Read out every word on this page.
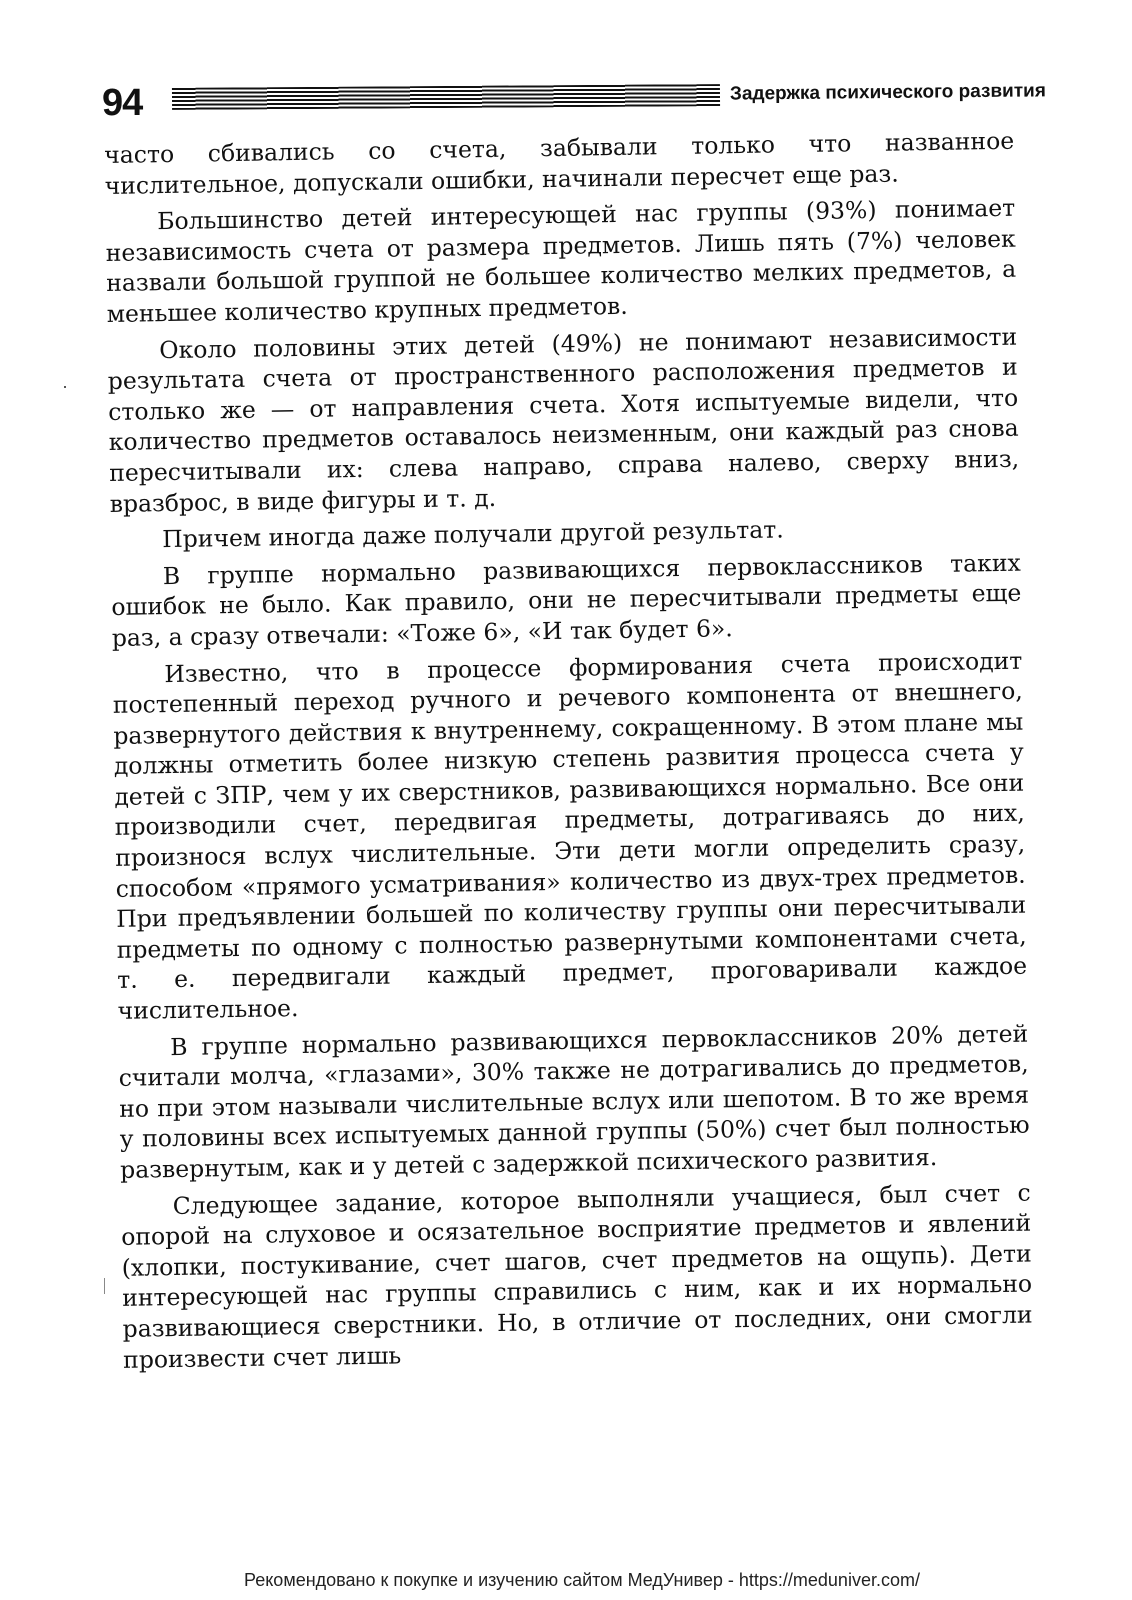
94	Задержка психического развития

часто сбивались со счета, забывали только что названное числительное, допускали ошибки, начинали пересчет еще раз.

Большинство детей интересующей нас группы (93%) понимает независимость счета от размера предметов. Лишь пять (7%) человек назвали большой группой не большее количество мелких предметов, а меньшее количество крупных предметов.

Около половины этих детей (49%) не понимают независимости результата счета от пространственного расположения предметов и столько же — от направления счета. Хотя испытуемые видели, что количество предметов оставалось неизменным, они каждый раз снова пересчитывали их: слева направо, справа налево, сверху вниз, вразброс, в виде фигуры и т. д.

Причем иногда даже получали другой результат.

В группе нормально развивающихся первоклассников таких ошибок не было. Как правило, они не пересчитывали предметы еще раз, а сразу отвечали: «Тоже 6», «И так будет 6».

Известно, что в процессе формирования счета происходит постепенный переход ручного и речевого компонента от внешнего, развернутого действия к внутреннему, сокращенному. В этом плане мы должны отметить более низкую степень развития процесса счета у детей с ЗПР, чем у их сверстников, развивающихся нормально. Все они производили счет, передвигая предметы, дотрагиваясь до них, произнося вслух числительные. Эти дети могли определить сразу, способом «прямого усматривания» количество из двух-трех предметов. При предъявлении большей по количеству группы они пересчитывали предметы по одному с полностью развернутыми компонентами счета, т. е. передвигали каждый предмет, проговаривали каждое числительное.

В группе нормально развивающихся первоклассников 20% детей считали молча, «глазами», 30% также не дотрагивались до предметов, но при этом называли числительные вслух или шепотом. В то же время у половины всех испытуемых данной группы (50%) счет был полностью развернутым, как и у детей с задержкой психического развития.

Следующее задание, которое выполняли учащиеся, был счет с опорой на слуховое и осязательное восприятие предметов и явлений (хлопки, постукивание, счет шагов, счет предметов на ощупь). Дети интересующей нас группы справились с ним, как и их нормально развивающиеся сверстники. Но, в отличие от последних, они смогли произвести счет лишь

Рекомендовано к покупке и изучению сайтом МедУнивер - https://meduniver.com/
